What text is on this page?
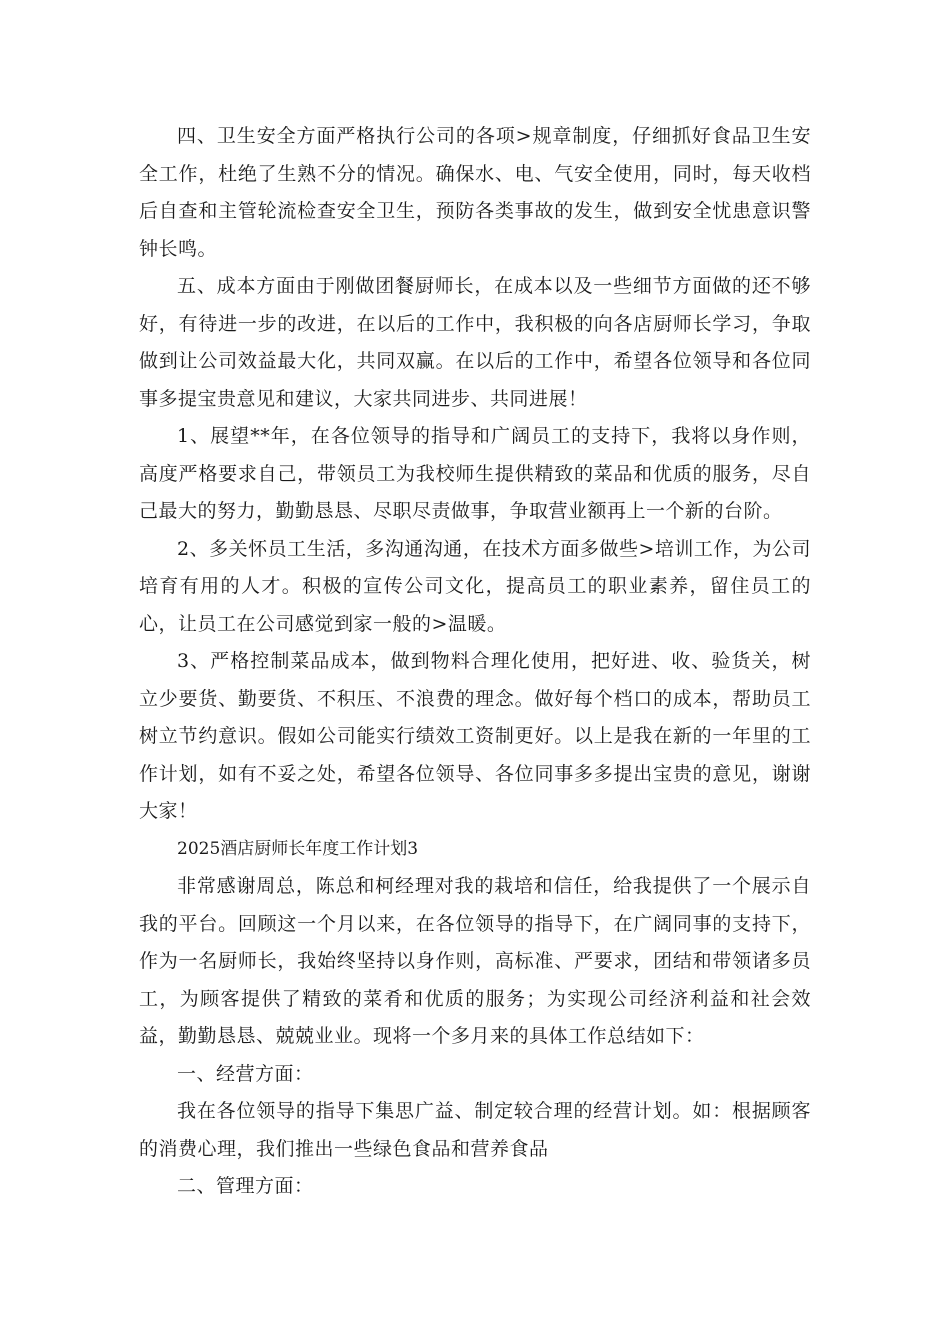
四、卫生安全方面严格执行公司的各项>规章制度，仔细抓好食品卫生安全工作，杜绝了生熟不分的情况。确保水、电、气安全使用，同时，每天收档后自查和主管轮流检查安全卫生，预防各类事故的发生，做到安全忧患意识警钟长鸣。

五、成本方面由于刚做团餐厨师长，在成本以及一些细节方面做的还不够好，有待进一步的改进，在以后的工作中，我积极的向各店厨师长学习，争取做到让公司效益最大化，共同双赢。在以后的工作中，希望各位领导和各位同事多提宝贵意见和建议，大家共同进步、共同进展！

1、展望**年，在各位领导的指导和广阔员工的支持下，我将以身作则，高度严格要求自己，带领员工为我校师生提供精致的菜品和优质的服务，尽自己最大的努力，勤勤恳恳、尽职尽责做事，争取营业额再上一个新的台阶。

2、多关怀员工生活，多沟通沟通，在技术方面多做些>培训工作，为公司培育有用的人才。积极的宣传公司文化，提高员工的职业素养，留住员工的心，让员工在公司感觉到家一般的>温暖。

3、严格控制菜品成本，做到物料合理化使用，把好进、收、验货关，树立少要货、勤要货、不积压、不浪费的理念。做好每个档口的成本，帮助员工树立节约意识。假如公司能实行绩效工资制更好。以上是我在新的一年里的工作计划，如有不妥之处，希望各位领导、各位同事多多提出宝贵的意见，谢谢大家！

2025酒店厨师长年度工作计划3

非常感谢周总，陈总和柯经理对我的栽培和信任，给我提供了一个展示自我的平台。回顾这一个月以来，在各位领导的指导下，在广阔同事的支持下，作为一名厨师长，我始终坚持以身作则，高标准、严要求，团结和带领诸多员工，为顾客提供了精致的菜肴和优质的服务；为实现公司经济利益和社会效益，勤勤恳恳、兢兢业业。现将一个多月来的具体工作总结如下：

一、经营方面：

我在各位领导的指导下集思广益、制定较合理的经营计划。如：根据顾客的消费心理，我们推出一些绿色食品和营养食品

二、管理方面：
